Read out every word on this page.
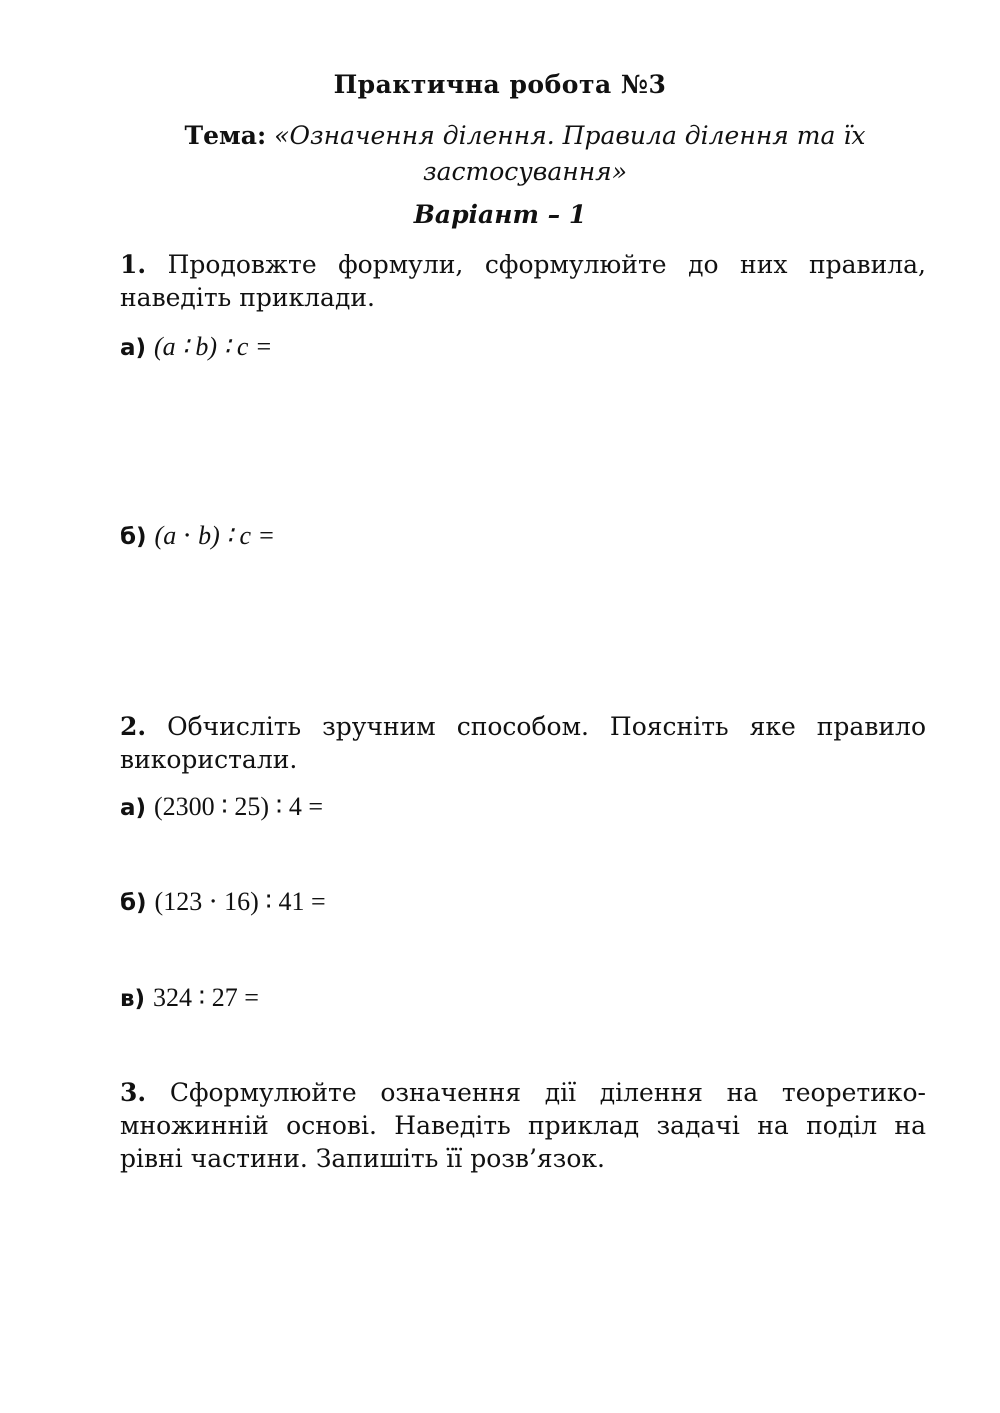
Практична робота №3
Тема: «Означення ділення. Правила ділення та їх застосування»
Варіант – 1
1. Продовжте формули, сформулюйте до них правила, наведіть приклади.
а) (a ∶ b) ∶ c =
б) (a ⋅ b) ∶ c =
2. Обчисліть зручним способом. Поясніть яке правило використали.
а) (2300 ∶ 25) ∶ 4 =
б) (123 ⋅ 16) ∶ 41 =
в) 324 ∶ 27 =
3. Сформулюйте означення дії ділення на теоретико-множинній основі. Наведіть приклад задачі на поділ на рівні частини. Запишіть її розв’язок.
